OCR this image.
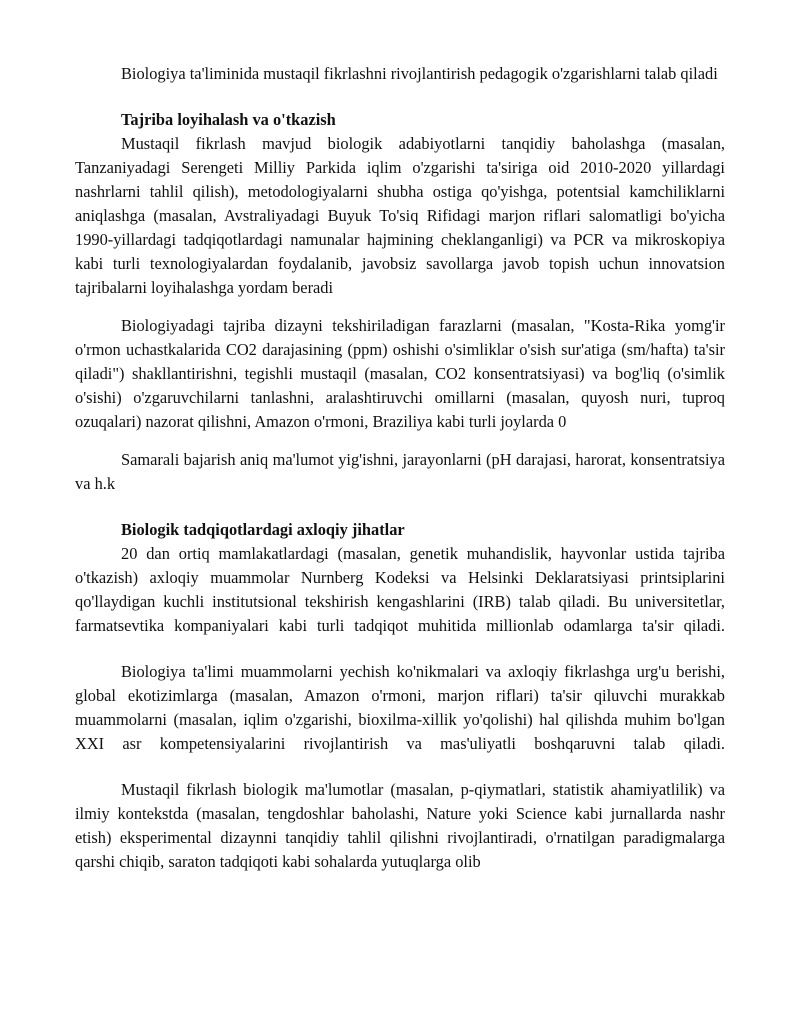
Biologiya ta'liminida mustaqil fikrlashni rivojlantirish pedagogik o'zgarishlarni talab qiladi

Tajriba loyihalash va o'tkazish

Mustaqil fikrlash mavjud biologik adabiyotlarni tanqidiy baholashga (masalan, Tanzaniyadagi Serengeti Milliy Parkida iqlim o'zgarishi ta'siriga oid 2010-2020 yillardagi nashrlarni tahlil qilish), metodologiyalarni shubha ostiga qo'yishga, potentsial kamchiliklarni aniqlashga (masalan, Avstraliyadagi Buyuk To'siq Rifidagi marjon riflari salomatligi bo'yicha 1990-yillardagi tadqiqotlardagi namunalar hajmining cheklanganligi) va PCR va mikroskopiya kabi turli texnologiyalardan foydalanib, javobsiz savollarga javob topish uchun innovatsion tajribalarni loyihalashga yordam beradi

Biologiyadagi tajriba dizayni tekshiriladigan farazlarni (masalan, "Kosta-Rika yomg'ir o'rmon uchastkalarida CO2 darajasining (ppm) oshishi o'simliklar o'sish sur'atiga (sm/hafta) ta'sir qiladi") shakllantirishni, tegishli mustaqil (masalan, CO2 konsentratsiyasi) va bog'liq (o'simlik o'sishi) o'zgaruvchilarni tanlashni, aralashtiruvchi omillarni (masalan, quyosh nuri, tuproq ozuqalari) nazorat qilishni, Amazon o'rmoni, Braziliya kabi turli joylarda 0

Samarali bajarish aniq ma'lumot yig'ishni, jarayonlarni (pH darajasi, harorat, konsentratsiya va h.k

Biologik tadqiqotlardagi axloqiy jihatlar

20 dan ortiq mamlakatlardagi (masalan, genetik muhandislik, hayvonlar ustida tajriba o'tkazish) axloqiy muammolar Nurnberg Kodeksi va Helsinki Deklaratsiyasi printsiplarini qo'llaydigan kuchli institutsional tekshirish kengashlarini (IRB) talab qiladi. Bu universitetlar, farmatsevtika kompaniyalari kabi turli tadqiqot muhitida millionlab odamlarga ta'sir qiladi.

Biologiya ta'limi muammolarni yechish ko'nikmalari va axloqiy fikrlashga urg'u berishi, global ekotizimlarga (masalan, Amazon o'rmoni, marjon riflari) ta'sir qiluvchi murakkab muammolarni (masalan, iqlim o'zgarishi, bioxilma-xillik yo'qolishi) hal qilishda muhim bo'lgan XXI asr kompetensiyalarini rivojlantirish va mas'uliyatli boshqaruvni talab qiladi.

Mustaqil fikrlash biologik ma'lumotlar (masalan, p-qiymatlari, statistik ahamiyatlilik) va ilmiy kontekstda (masalan, tengdoshlar baholashi, Nature yoki Science kabi jurnallarda nashr etish) eksperimental dizaynni tanqidiy tahlil qilishni rivojlantiradi, o'rnatilgan paradigmalarga qarshi chiqib, saraton tadqiqoti kabi sohalarda yutuqlarga olib
